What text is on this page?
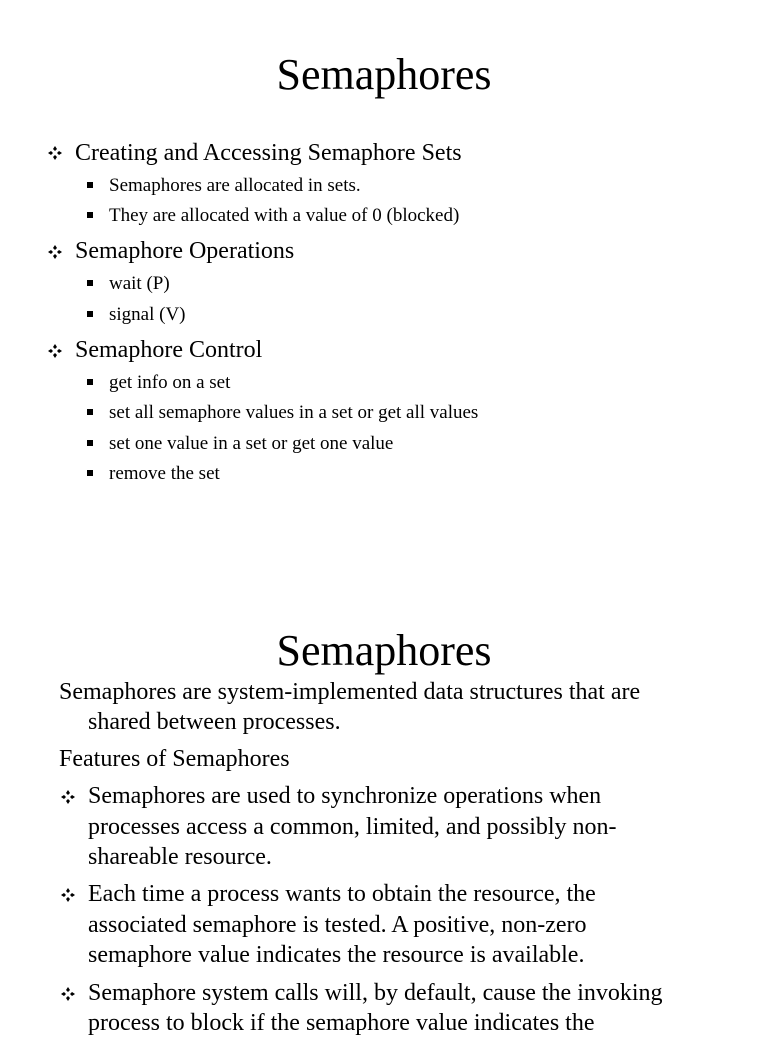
Semaphores

Creating and Accessing Semaphore Sets

Semaphores are allocated in sets.

They are allocated with a value of 0 (blocked)

Semaphore Operations

wait (P)

signal (V)

Semaphore Control

get info on a set

set all semaphore values in a set or get all values

set one value in a set or get one value

remove the set

Semaphores

Semaphores are system-implemented data structures that are

shared between processes.

Features of Semaphores

Semaphores are used to synchronize operations when

processes access a common, limited, and possibly non-

shareable resource.

Each time a process wants to obtain the resource, the

associated semaphore is tested. A positive, non-zero

semaphore value indicates the resource is available.

Semaphore system calls will, by default, cause the invoking

process to block if the semaphore value indicates the
